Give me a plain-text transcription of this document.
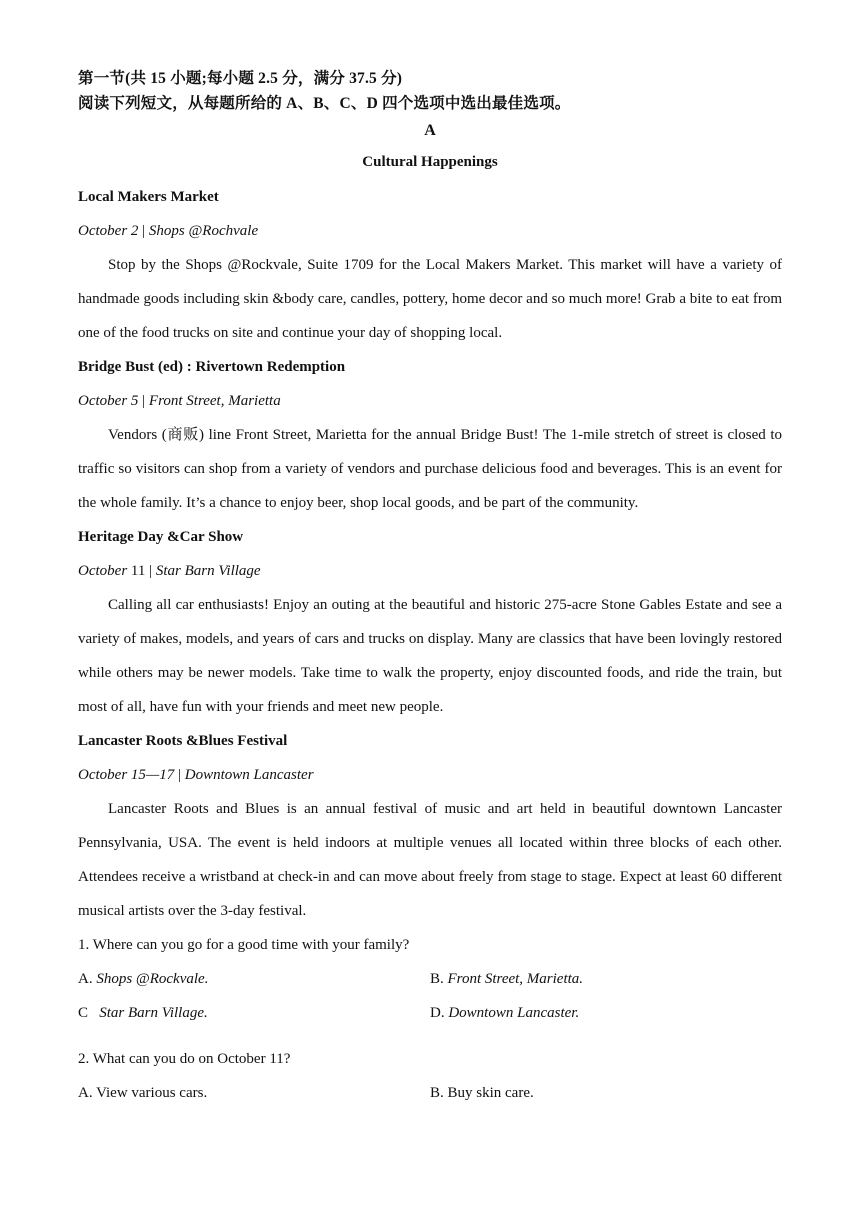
第一节(共 15 小题;每小题 2.5 分，满分 37.5 分)
阅读下列短文，从每题所给的 A、B、C、D 四个选项中选出最佳选项。
A
Cultural Happenings
Local Makers Market
October 2 | Shops @Rochvale

Stop by the Shops @Rockvale, Suite 1709 for the Local Makers Market. This market will have a variety of handmade goods including skin &body care, candles, pottery, home decor and so much more! Grab a bite to eat from one of the food trucks on site and continue your day of shopping local.

Bridge Bust (ed) : Rivertown Redemption
October 5 | Front Street, Marietta

Vendors (商贩) line Front Street, Marietta for the annual Bridge Bust! The 1-mile stretch of street is closed to traffic so visitors can shop from a variety of vendors and purchase delicious food and beverages. This is an event for the whole family. It’s a chance to enjoy beer, shop local goods, and be part of the community.

Heritage Day &Car Show
October 11 | Star Barn Village

Calling all car enthusiasts! Enjoy an outing at the beautiful and historic 275-acre Stone Gables Estate and see a variety of makes, models, and years of cars and trucks on display. Many are classics that have been lovingly restored while others may be newer models. Take time to walk the property, enjoy discounted foods, and ride the train, but most of all, have fun with your friends and meet new people.

Lancaster Roots &Blues Festival
October 15—17 | Downtown Lancaster

Lancaster Roots and Blues is an annual festival of music and art held in beautiful downtown Lancaster Pennsylvania, USA. The event is held indoors at multiple venues all located within three blocks of each other. Attendees receive a wristband at check-in and can move about freely from stage to stage. Expect at least 60 different musical artists over the 3-day festival.

1. Where can you go for a good time with your family?
A. Shops @Rockvale.	B. Front Street, Marietta.
C   Star Barn Village.	D. Downtown Lancaster.
2. What can you do on October 11?
A. View various cars.	B. Buy skin care.
